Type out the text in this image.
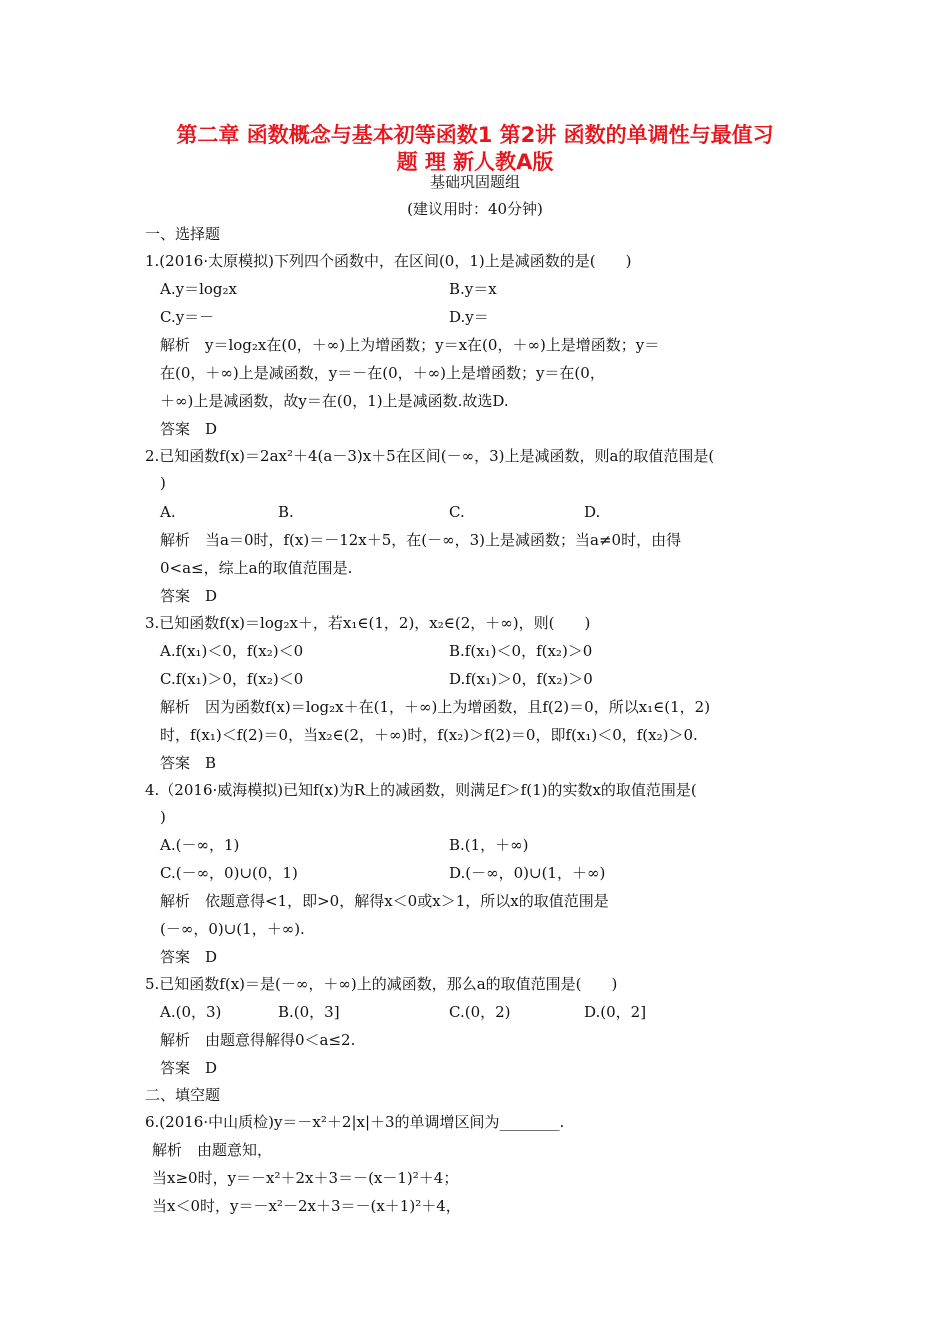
第二章 函数概念与基本初等函数1 第2讲 函数的单调性与最值习
题 理 新人教A版
基础巩固题组
(建议用时：40分钟)
一、选择题
1.(2016·太原模拟)下列四个函数中，在区间(0，1)上是减函数的是(　　)
A.y＝log₂x	B.y＝x
C.y＝－	D.y＝
解析　y＝log₂x在(0，＋∞)上为增函数；y＝x在(0，＋∞)上是增函数；y＝
在(0，＋∞)上是减函数，y＝－在(0，＋∞)上是增函数；y＝在(0，
＋∞)上是减函数，故y＝在(0，1)上是减函数.故选D.
答案　D
2.已知函数f(x)＝2ax²＋4(a－3)x＋5在区间(－∞，3)上是减函数，则a的取值范围是(
)
A.	B.	C.	D.
解析　当a＝0时，f(x)＝－12x＋5，在(－∞，3)上是减函数；当a≠0时，由得
0<a≤，综上a的取值范围是.
答案　D
3.已知函数f(x)＝log₂x＋，若x₁∈(1，2)，x₂∈(2，＋∞)，则(　　)
A.f(x₁)＜0，f(x₂)＜0	B.f(x₁)＜0，f(x₂)＞0
C.f(x₁)＞0，f(x₂)＜0	D.f(x₁)＞0，f(x₂)＞0
解析　因为函数f(x)＝log₂x＋在(1，＋∞)上为增函数，且f(2)＝0，所以x₁∈(1，2)
时，f(x₁)＜f(2)＝0，当x₂∈(2，＋∞)时，f(x₂)＞f(2)＝0，即f(x₁)＜0，f(x₂)＞0.
答案　B
4.（2016·威海模拟)已知f(x)为R上的减函数，则满足f＞f(1)的实数x的取值范围是(
)
A.(－∞，1)	B.(1，＋∞)
C.(－∞，0)∪(0，1)	D.(－∞，0)∪(1，＋∞)
解析　依题意得<1，即>0，解得x＜0或x＞1，所以x的取值范围是
(－∞，0)∪(1，＋∞).
答案　D
5.已知函数f(x)＝是(－∞，＋∞)上的减函数，那么a的取值范围是(　　)
A.(0，3)	B.(0，3]	C.(0，2)	D.(0，2]
解析　由题意得解得0＜a≤2.
答案　D
二、填空题
6.(2016·中山质检)y＝－x²＋2|x|＋3的单调增区间为________.
解析　由题意知，
当x≥0时，y＝－x²＋2x＋3＝－(x－1)²＋4；
当x＜0时，y＝－x²－2x＋3＝－(x＋1)²＋4，
